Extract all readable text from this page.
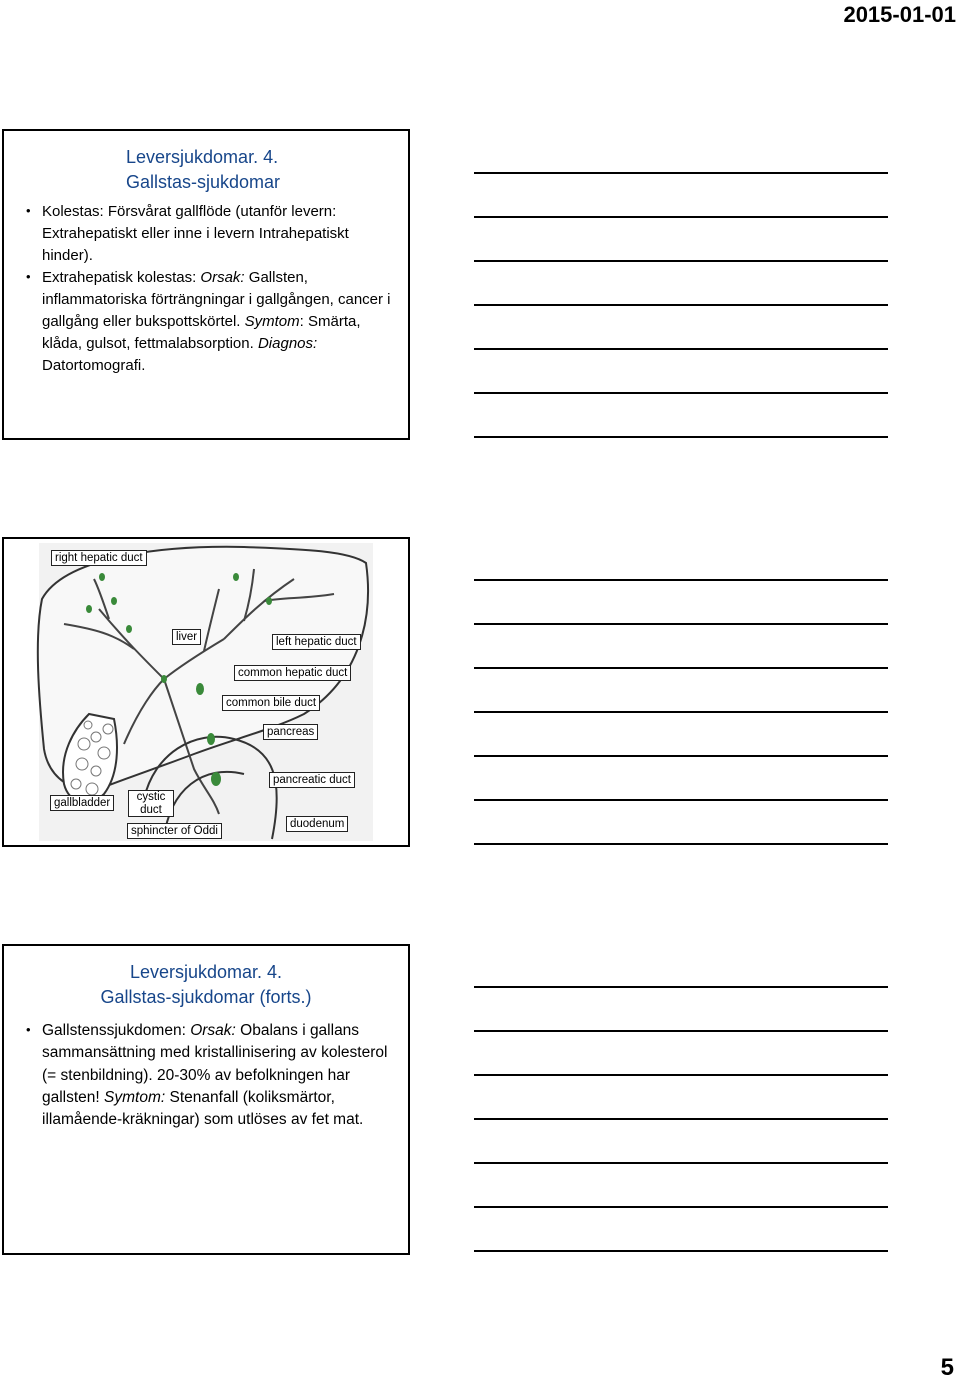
2015-01-01
Leversjukdomar. 4.
Gallstas-sjukdomar
• Kolestas: Försvårat gallflöde (utanför levern: Extrahepatiskt eller inne i levern Intrahepatiskt hinder).
• Extrahepatisk kolestas: Orsak: Gallsten, inflammatoriska förträngningar i gallgången, cancer i gallgång eller bukspottskörtel. Symtom: Smärta, klåda, gulsot, fettmalabsorption. Diagnos: Datortomografi.
right hepatic duct
liver	left hepatic duct
common hepatic duct
common bile duct
pancreas
pancreatic duct
gallbladder	cystic duct
sphincter of Oddi
duodenum
Leversjukdomar. 4.
Gallstas-sjukdomar (forts.)
• Gallstenssjukdomen: Orsak: Obalans i gallans sammansättning med kristallinisering av kolesterol (= stenbildning). 20-30% av befolkningen har gallsten! Symtom: Stenanfall (koliksmärtor, illamående-kräkningar) som utlöses av fet mat.
5
